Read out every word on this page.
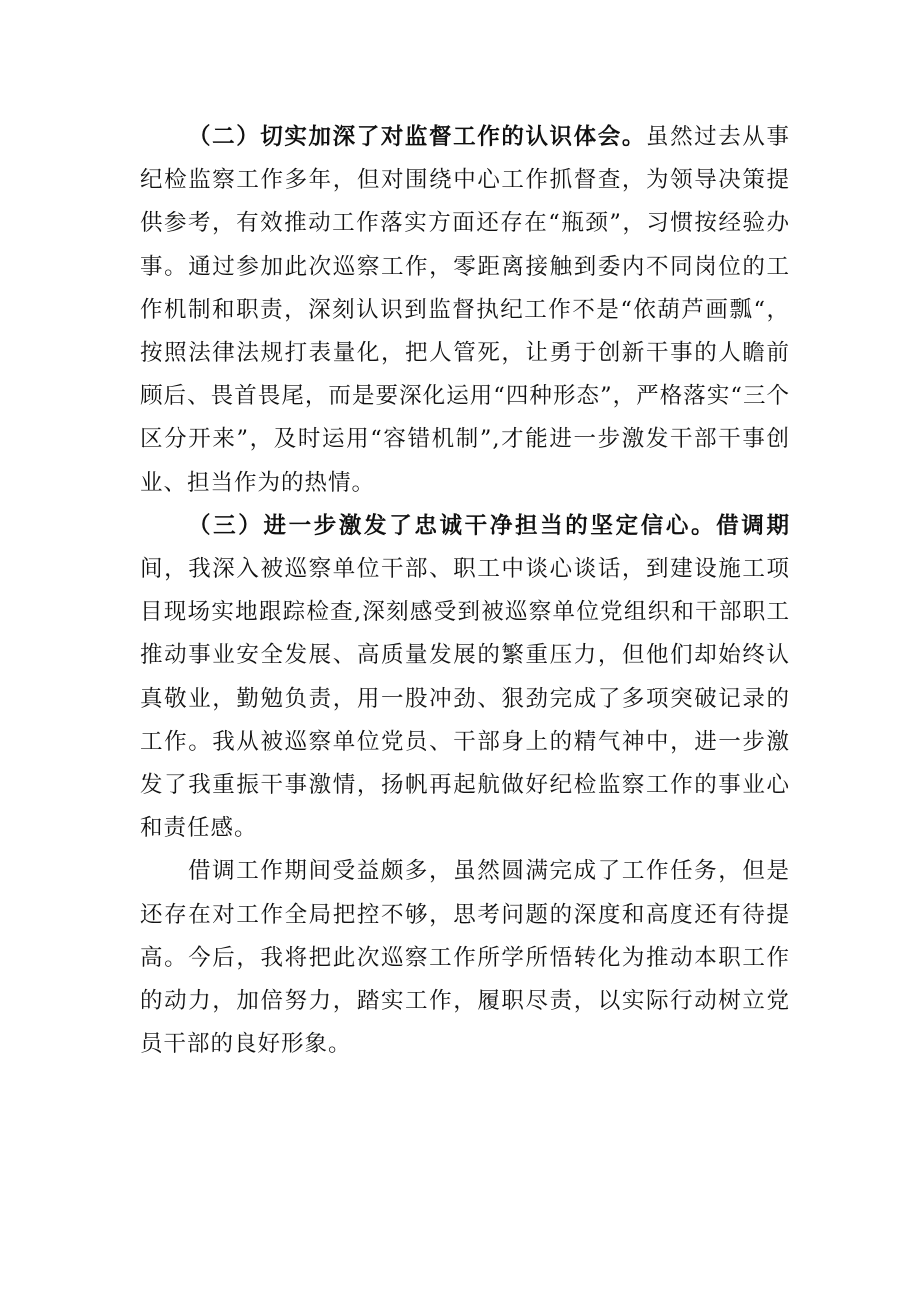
（二）切实加深了对监督工作的认识体会。虽然过去从事纪检监察工作多年，但对围绕中心工作抓督查，为领导决策提供参考，有效推动工作落实方面还存在“瓶颈”，习惯按经验办事。通过参加此次巡察工作，零距离接触到委内不同岗位的工作机制和职责，深刻认识到监督执纪工作不是“依葫芦画瓢“，按照法律法规打表量化，把人管死，让勇于创新干事的人瞻前顾后、畏首畏尾，而是要深化运用“四种形态”，严格落实“三个区分开来”，及时运用“容错机制”,才能进一步激发干部干事创业、担当作为的热情。

（三）进一步激发了忠诚干净担当的坚定信心。借调期间，我深入被巡察单位干部、职工中谈心谈话，到建设施工项目现场实地跟踪检查,深刻感受到被巡察单位党组织和干部职工推动事业安全发展、高质量发展的繁重压力，但他们却始终认真敬业，勤勉负责，用一股冲劲、狠劲完成了多项突破记录的工作。我从被巡察单位党员、干部身上的精气神中，进一步激发了我重振干事激情，扬帆再起航做好纪检监察工作的事业心和责任感。

借调工作期间受益颇多，虽然圆满完成了工作任务，但是还存在对工作全局把控不够，思考问题的深度和高度还有待提高。今后，我将把此次巡察工作所学所悟转化为推动本职工作的动力，加倍努力，踏实工作，履职尽责，以实际行动树立党员干部的良好形象。
